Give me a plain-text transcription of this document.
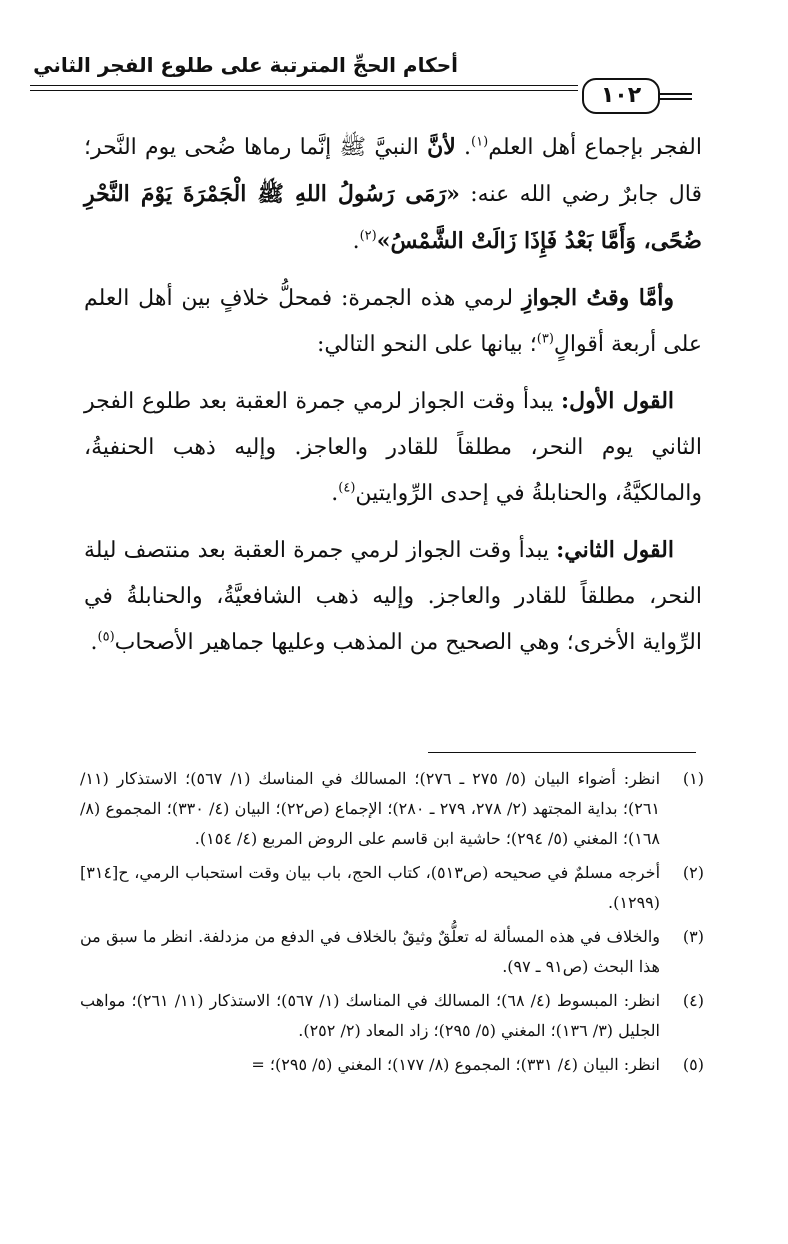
أحكام الحجِّ المترتبة على طلوع الفجر الثاني
١٠٢

الفجر بإجماع أهل العلم$^{(١)}$. لأنَّ النبيَّ ﷺ إنَّما رماها ضُحى يوم النَّحر؛ قال جابرٌ رضي الله عنه: «رَمَى رَسُولُ اللهِ ﷺ الْجَمْرَةَ يَوْمَ النَّحْرِ ضُحًى، وَأَمَّا بَعْدُ فَإِذَا زَالَتْ الشَّمْسُ»$^{(٢)}$.

وأمَّا وقتُ الجوازِ لرمي هذه الجمرة: فمحلُّ خلافٍ بين أهل العلم على أربعة أقوالٍ$^{(٣)}$؛ بيانها على النحو التالي:

القول الأول: يبدأ وقت الجواز لرمي جمرة العقبة بعد طلوع الفجر الثاني يوم النحر، مطلقاً للقادر والعاجز. وإليه ذهب الحنفيةُ، والمالكيَّةُ، والحنابلةُ في إحدى الرِّوايتين$^{(٤)}$.

القول الثاني: يبدأ وقت الجواز لرمي جمرة العقبة بعد منتصف ليلة النحر، مطلقاً للقادر والعاجز. وإليه ذهب الشافعيَّةُ، والحنابلةُ في الرِّواية الأخرى؛ وهي الصحيح من المذهب وعليها جماهير الأصحاب$^{(٥)}$.

(١)
انظر: أضواء البيان (٥/ ٢٧٥ ـ ٢٧٦)؛ المسالك في المناسك (١/ ٥٦٧)؛ الاستذكار (١١/ ٢٦١)؛ بداية المجتهد (٢/ ٢٧٨، ٢٧٩ ـ ٢٨٠)؛ الإجماع (ص٢٢)؛ البيان (٤/ ٣٣٠)؛ المجموع (٨/ ١٦٨)؛ المغني (٥/ ٢٩٤)؛ حاشية ابن قاسم على الروض المربع (٤/ ١٥٤).
(٢)
أخرجه مسلمٌ في صحيحه (ص٥١٣)، كتاب الحج، باب بيان وقت استحباب الرمي، ح[٣١٤] (١٢٩٩).
(٣)
والخلاف في هذه المسألة له تعلُّقٌ وثيقٌ بالخلاف في الدفع من مزدلفة. انظر ما سبق من هذا البحث (ص٩١ ـ ٩٧).
(٤)
انظر: المبسوط (٤/ ٦٨)؛ المسالك في المناسك (١/ ٥٦٧)؛ الاستذكار (١١/ ٢٦١)؛ مواهب الجليل (٣/ ١٣٦)؛ المغني (٥/ ٢٩٥)؛ زاد المعاد (٢/ ٢٥٢).
(٥)
انظر: البيان (٤/ ٣٣١)؛ المجموع (٨/ ١٧٧)؛ المغني (٥/ ٢٩٥)؛ =
